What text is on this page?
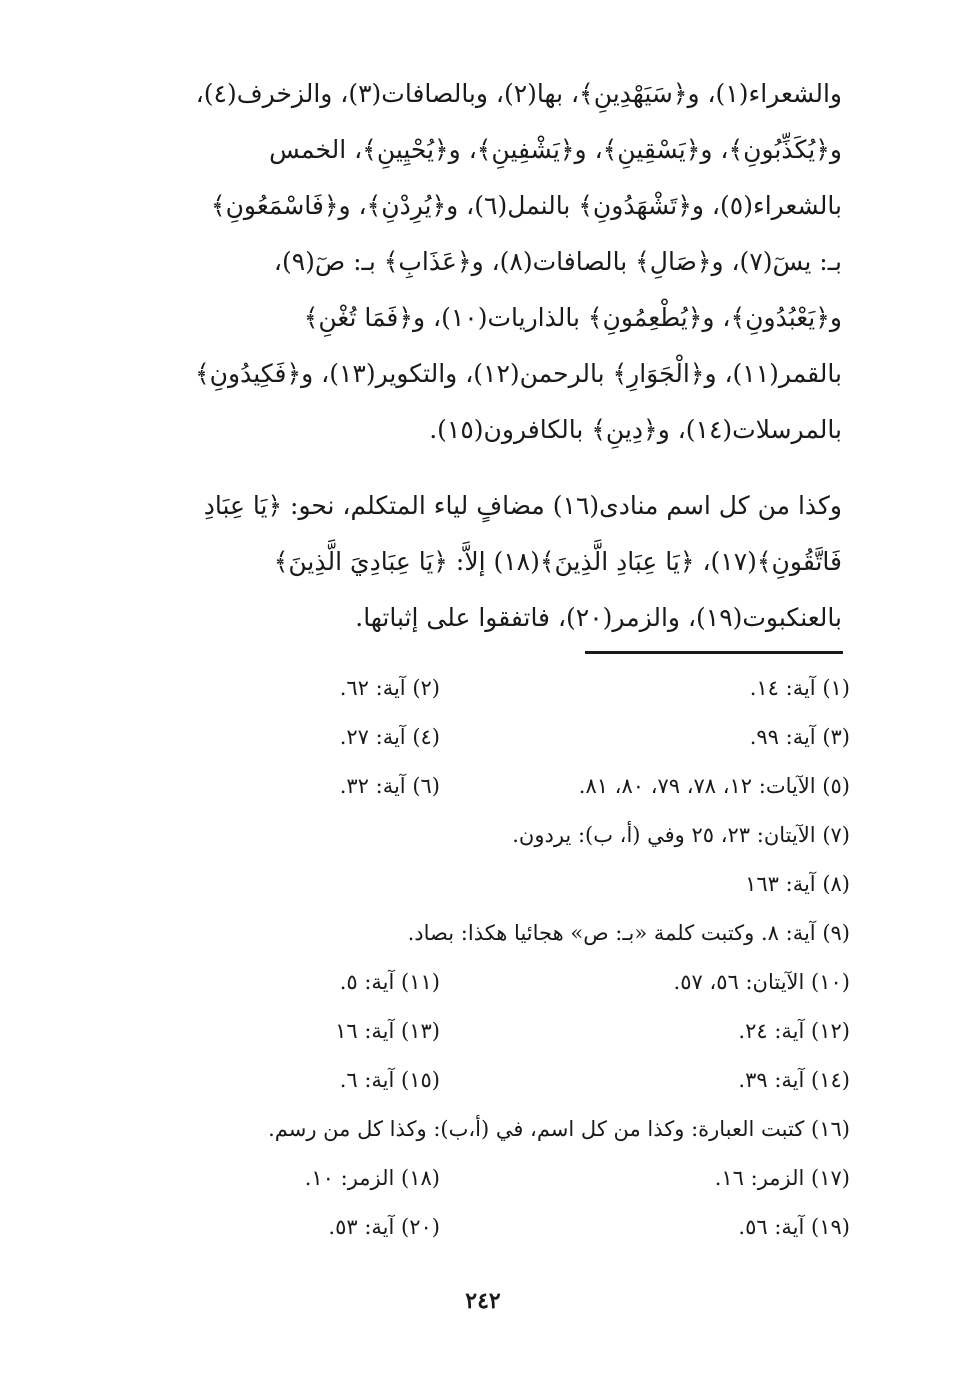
والشعراء(١)، و﴿سَيَهْدِينِ﴾، بها(٢)، وبالصافات(٣)، والزخرف(٤)،
و﴿يُكَذِّبُونِ﴾، و﴿يَسْقِينِ﴾، و﴿يَشْفِينِ﴾، و﴿يُحْيِينِ﴾، الخمس
بالشعراء(٥)، و﴿تَشْهَدُونِ﴾ بالنمل(٦)، و﴿يُرِدْنِ﴾، و﴿فَاسْمَعُونِ﴾
بـ: يسٓ(٧)، و﴿صَالِ﴾ بالصافات(٨)، و﴿عَذَابِ﴾ بـ: صٓ(٩)،
و﴿يَعْبُدُونِ﴾، و﴿يُطْعِمُونِ﴾ بالذاريات(١٠)، و﴿فَمَا تُغْنِ﴾
بالقمر(١١)، و﴿الْجَوَارِ﴾ بالرحمن(١٢)، والتكوير(١٣)، و﴿فَكِيدُونِ﴾
بالمرسلات(١٤)، و﴿دِينِ﴾ بالكافرون(١٥).
وكذا من كل اسم منادى(١٦) مضافٍ لياء المتكلم، نحو: ﴿يَا عِبَادِ
فَاتَّقُونِ﴾(١٧)، ﴿يَا عِبَادِ الَّذِينَ﴾(١٨) إلاَّ: ﴿يَا عِبَادِيَ الَّذِينَ﴾
بالعنكبوت(١٩)، والزمر(٢٠)، فاتفقوا على إثباتها.
(١) آية: ١٤.
(٢) آية: ٦٢.
(٣) آية: ٩٩.
(٤) آية: ٢٧.
(٥) الآيات: ١٢، ٧٨، ٧٩، ٨٠، ٨١.
(٦) آية: ٣٢.
(٧) الآيتان: ٢٣، ٢٥ وفي (أ، ب): يردون.
(٨) آية: ١٦٣
(٩) آية: ٨. وكتبت كلمة «بـ: ص» هجائيا هكذا: بصاد.
(١٠) الآيتان: ٥٦، ٥٧.
(١١) آية: ٥.
(١٢) آية: ٢٤.
(١٣) آية: ١٦
(١٤) آية: ٣٩.
(١٥) آية: ٦.
(١٦) كتبت العبارة: وكذا من كل اسم، في (أ،ب): وكذا كل من رسم.
(١٧) الزمر: ١٦.
(١٨) الزمر: ١٠.
(١٩) آية: ٥٦.
(٢٠) آية: ٥٣.
٢٤٢
